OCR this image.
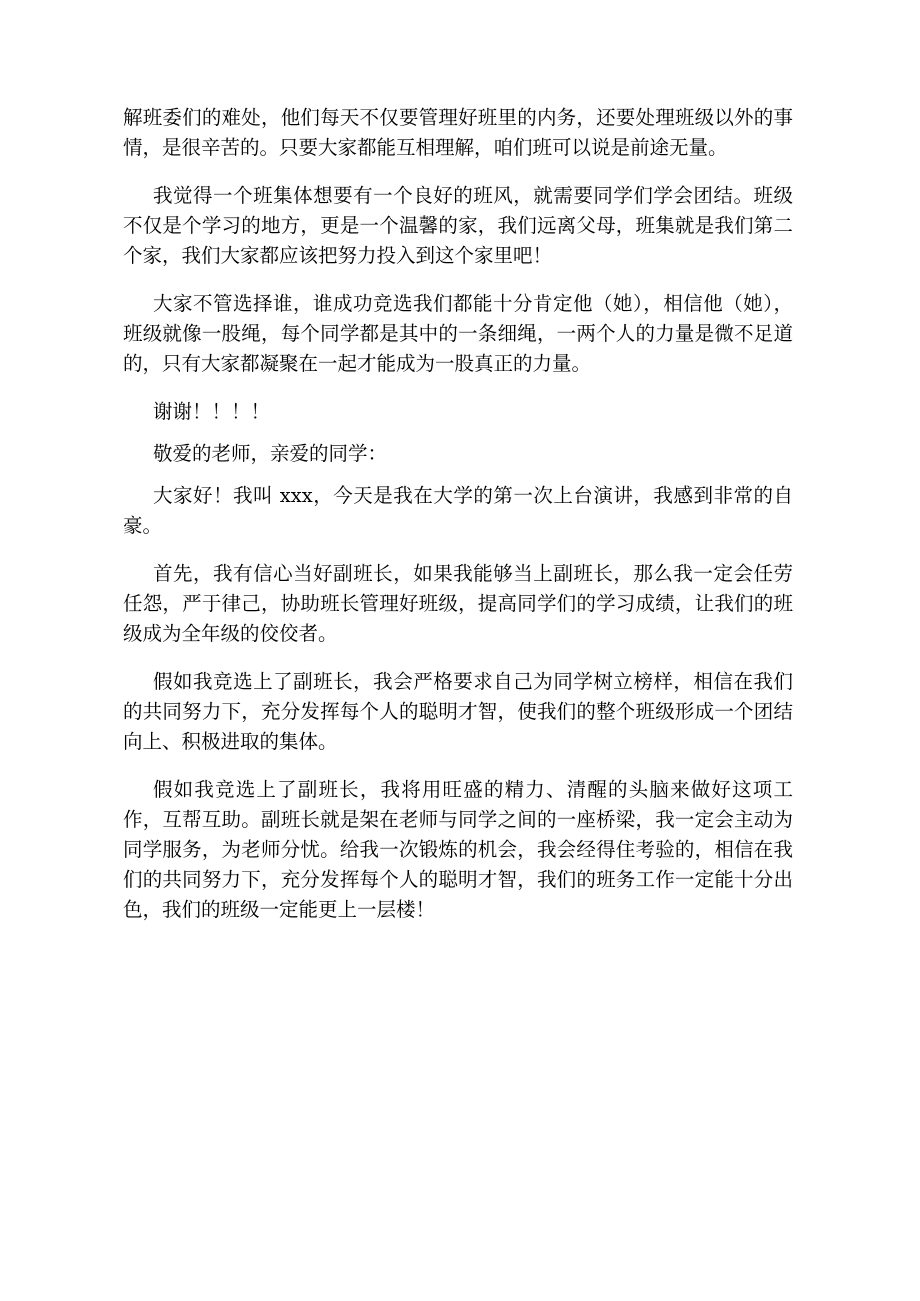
解班委们的难处，他们每天不仅要管理好班里的内务，还要处理班级以外的事情，是很辛苦的。只要大家都能互相理解，咱们班可以说是前途无量。

我觉得一个班集体想要有一个良好的班风，就需要同学们学会团结。班级不仅是个学习的地方，更是一个温馨的家，我们远离父母，班集就是我们第二个家，我们大家都应该把努力投入到这个家里吧！

大家不管选择谁，谁成功竞选我们都能十分肯定他（她），相信他（她），班级就像一股绳，每个同学都是其中的一条细绳，一两个人的力量是微不足道的，只有大家都凝聚在一起才能成为一股真正的力量。

谢谢！！！！

敬爱的老师，亲爱的同学：

大家好！我叫 xxx，今天是我在大学的第一次上台演讲，我感到非常的自豪。

首先，我有信心当好副班长，如果我能够当上副班长，那么我一定会任劳任怨，严于律己，协助班长管理好班级，提高同学们的学习成绩，让我们的班级成为全年级的佼佼者。

假如我竞选上了副班长，我会严格要求自己为同学树立榜样，相信在我们的共同努力下，充分发挥每个人的聪明才智，使我们的整个班级形成一个团结向上、积极进取的集体。

假如我竞选上了副班长，我将用旺盛的精力、清醒的头脑来做好这项工作，互帮互助。副班长就是架在老师与同学之间的一座桥梁，我一定会主动为同学服务，为老师分忧。给我一次锻炼的机会，我会经得住考验的，相信在我们的共同努力下，充分发挥每个人的聪明才智，我们的班务工作一定能十分出色，我们的班级一定能更上一层楼！
